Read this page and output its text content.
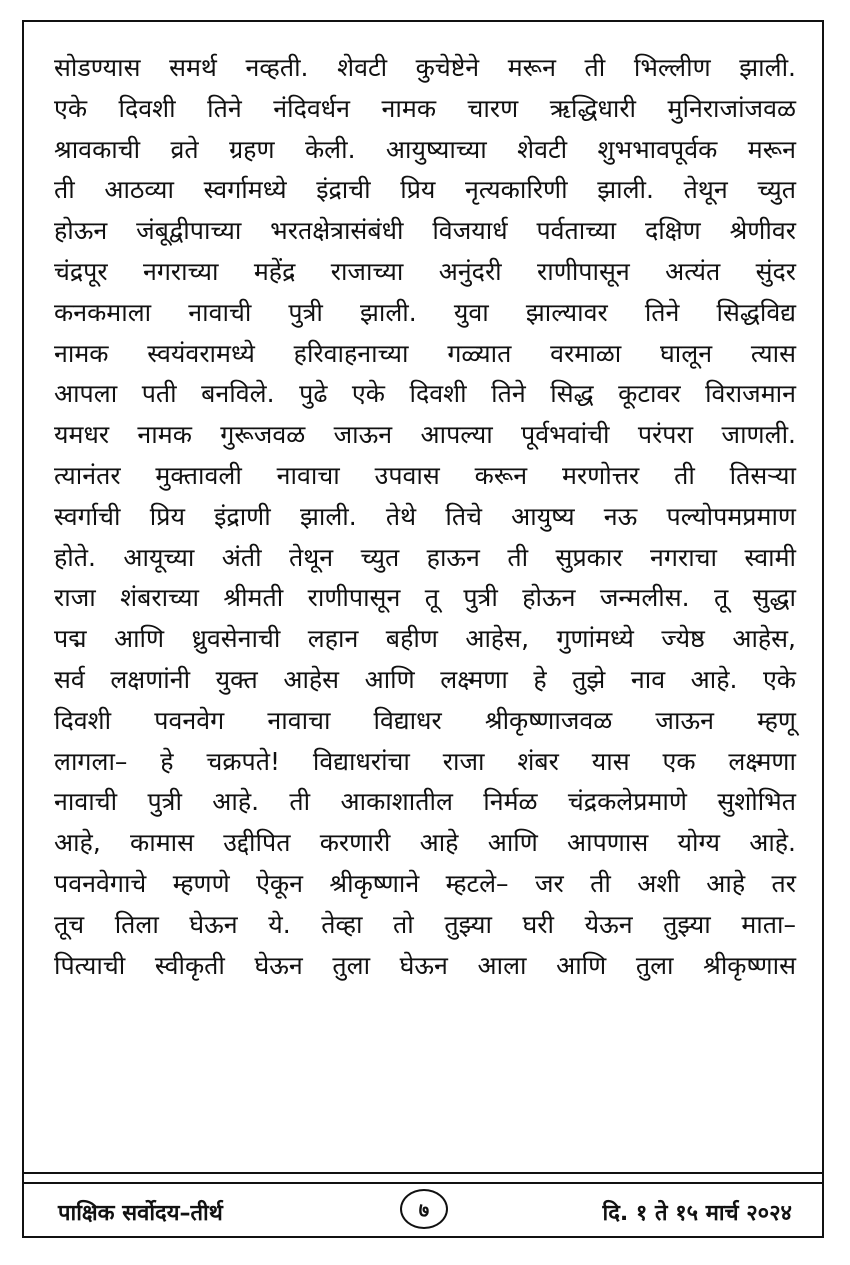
सोडण्यास समर्थ नव्हती. शेवटी कुचेष्टेने मरून ती भिल्लीण झाली.
एके दिवशी तिने नंदिवर्धन नामक चारण ऋद्धिधारी मुनिराजांजवळ
श्रावकाची व्रते ग्रहण केली. आयुष्याच्या शेवटी शुभभावपूर्वक मरून
ती आठव्या स्वर्गामध्ये इंद्राची प्रिय नृत्यकारिणी झाली. तेथून च्युत
होऊन जंबूद्वीपाच्या भरतक्षेत्रासंबंधी विजयार्ध पर्वताच्या दक्षिण श्रेणीवर
चंद्रपूर नगराच्या महेंद्र राजाच्या अनुंदरी राणीपासून अत्यंत सुंदर
कनकमाला नावाची पुत्री झाली. युवा झाल्यावर तिने सिद्धविद्य
नामक स्वयंवरामध्ये हरिवाहनाच्या गळ्यात वरमाळा घालून त्यास
आपला पती बनविले. पुढे एके दिवशी तिने सिद्ध कूटावर विराजमान
यमधर नामक गुरूजवळ जाऊन आपल्या पूर्वभवांची परंपरा जाणली.
त्यानंतर मुक्तावली नावाचा उपवास करून मरणोत्तर ती तिसऱ्या
स्वर्गाची प्रिय इंद्राणी झाली. तेथे तिचे आयुष्य नऊ पल्योपमप्रमाण
होते. आयूच्या अंती तेथून च्युत हाऊन ती सुप्रकार नगराचा स्वामी
राजा शंबराच्या श्रीमती राणीपासून तू पुत्री होऊन जन्मलीस. तू सुद्धा
पद्म आणि ध्रुवसेनाची लहान बहीण आहेस, गुणांमध्ये ज्येष्ठ आहेस,
सर्व लक्षणांनी युक्त आहेस आणि लक्ष्मणा हे तुझे नाव आहे. एके
दिवशी पवनवेग नावाचा विद्याधर श्रीकृष्णाजवळ जाऊन म्हणू
लागला– हे चक्रपते! विद्याधरांचा राजा शंबर यास एक लक्ष्मणा
नावाची पुत्री आहे. ती आकाशातील निर्मळ चंद्रकलेप्रमाणे सुशोभित
आहे, कामास उद्दीपित करणारी आहे आणि आपणास योग्य आहे.
पवनवेगाचे म्हणणे ऐकून श्रीकृष्णाने म्हटले– जर ती अशी आहे तर
तूच तिला घेऊन ये. तेव्हा तो तुझ्या घरी येऊन तुझ्या माता–
पित्याची स्वीकृती घेऊन तुला घेऊन आला आणि तुला श्रीकृष्णास
पाक्षिक सर्वोदय–तीर्थ	७	दि. १ ते १५ मार्च २०२४
